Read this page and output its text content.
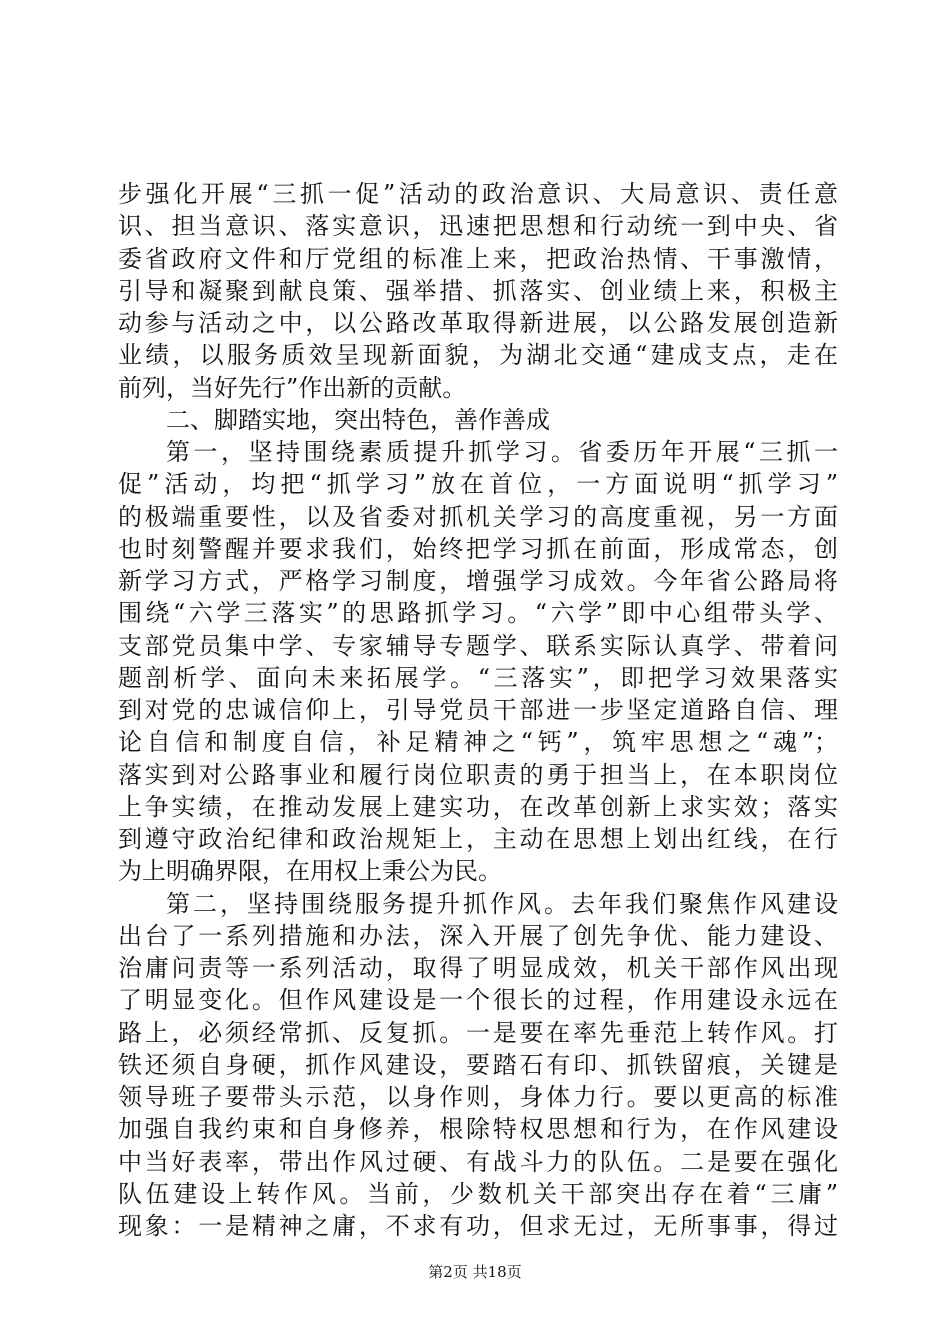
步强化开展“三抓一促”活动的政治意识、大局意识、责任意
识、担当意识、落实意识，迅速把思想和行动统一到中央、省
委省政府文件和厅党组的标准上来，把政治热情、干事激情，
引导和凝聚到献良策、强举措、抓落实、创业绩上来，积极主
动参与活动之中，以公路改革取得新进展，以公路发展创造新
业绩，以服务质效呈现新面貌，为湖北交通“建成支点，走在
前列，当好先行”作出新的贡献。
二、脚踏实地，突出特色，善作善成
第一，坚持围绕素质提升抓学习。省委历年开展“三抓一
促”活动，均把“抓学习”放在首位，一方面说明“抓学习”
的极端重要性，以及省委对抓机关学习的高度重视，另一方面
也时刻警醒并要求我们，始终把学习抓在前面，形成常态，创
新学习方式，严格学习制度，增强学习成效。今年省公路局将
围绕“六学三落实”的思路抓学习。“六学”即中心组带头学、
支部党员集中学、专家辅导专题学、联系实际认真学、带着问
题剖析学、面向未来拓展学。“三落实”，即把学习效果落实
到对党的忠诚信仰上，引导党员干部进一步坚定道路自信、理
论自信和制度自信，补足精神之“钙”，筑牢思想之“魂”；
落实到对公路事业和履行岗位职责的勇于担当上，在本职岗位
上争实绩，在推动发展上建实功，在改革创新上求实效；落实
到遵守政治纪律和政治规矩上，主动在思想上划出红线，在行
为上明确界限，在用权上秉公为民。
第二，坚持围绕服务提升抓作风。去年我们聚焦作风建设
出台了一系列措施和办法，深入开展了创先争优、能力建设、
治庸问责等一系列活动，取得了明显成效，机关干部作风出现
了明显变化。但作风建设是一个很长的过程，作用建设永远在
路上，必须经常抓、反复抓。一是要在率先垂范上转作风。打
铁还须自身硬，抓作风建设，要踏石有印、抓铁留痕，关键是
领导班子要带头示范，以身作则，身体力行。要以更高的标准
加强自我约束和自身修养，根除特权思想和行为，在作风建设
中当好表率，带出作风过硬、有战斗力的队伍。二是要在强化
队伍建设上转作风。当前，少数机关干部突出存在着“三庸”
现象：一是精神之庸，不求有功，但求无过，无所事事，得过
第2页 共18页
